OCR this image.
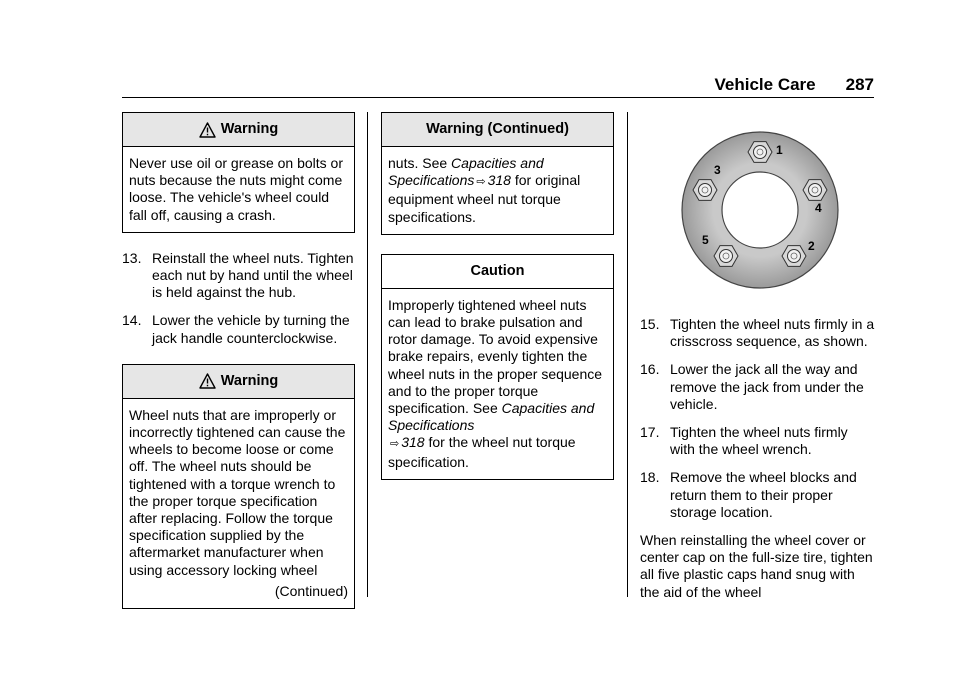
Vehicle Care 287
Warning
Never use oil or grease on bolts or nuts because the nuts might come loose. The vehicle's wheel could fall off, causing a crash.
13. Reinstall the wheel nuts. Tighten each nut by hand until the wheel is held against the hub.
14. Lower the vehicle by turning the jack handle counterclockwise.
Warning
Wheel nuts that are improperly or incorrectly tightened can cause the wheels to become loose or come off. The wheel nuts should be tightened with a torque wrench to the proper torque specification after replacing. Follow the torque specification supplied by the aftermarket manufacturer when using accessory locking wheel
(Continued)
Warning (Continued)
nuts. See Capacities and Specifications ⇨ 318 for original equipment wheel nut torque specifications.
Caution
Improperly tightened wheel nuts can lead to brake pulsation and rotor damage. To avoid expensive brake repairs, evenly tighten the wheel nuts in the proper sequence and to the proper torque specification. See Capacities and Specifications
⇨ 318 for the wheel nut torque specification.
1
2
3
4
5
15. Tighten the wheel nuts firmly in a crisscross sequence, as shown.
16. Lower the jack all the way and remove the jack from under the vehicle.
17. Tighten the wheel nuts firmly with the wheel wrench.
18. Remove the wheel blocks and return them to their proper storage location.
When reinstalling the wheel cover or center cap on the full-size tire, tighten all five plastic caps hand snug with the aid of the wheel
